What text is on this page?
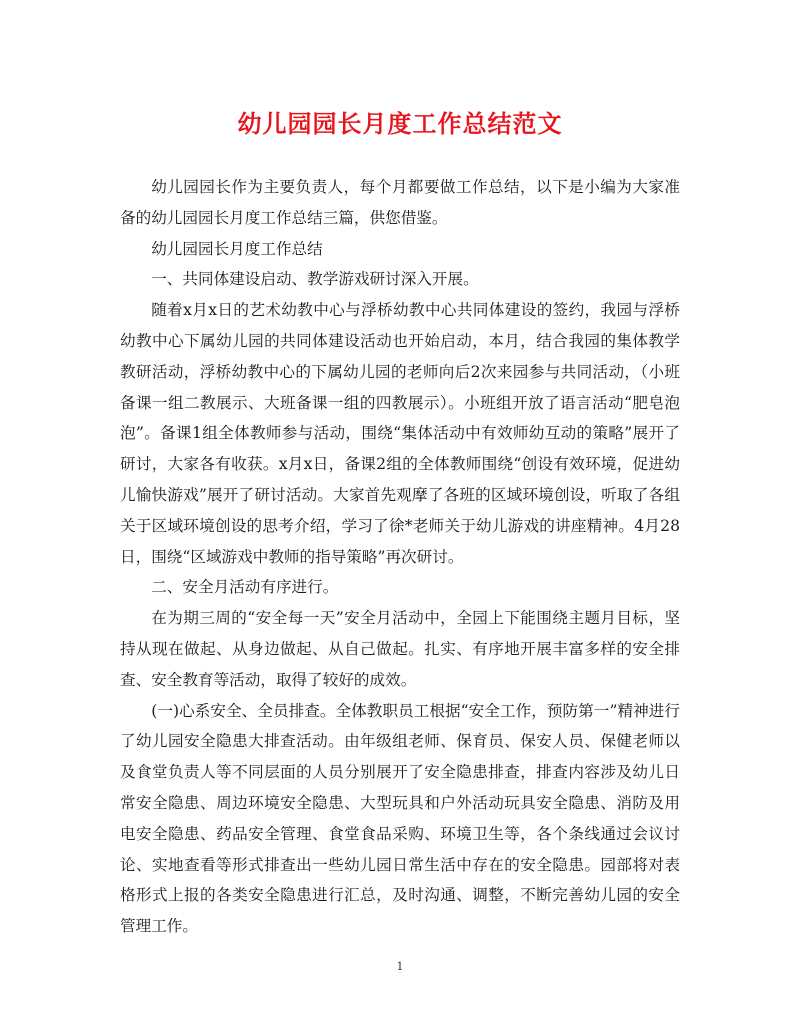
幼儿园园长月度工作总结范文

幼儿园园长作为主要负责人，每个月都要做工作总结，以下是小编为大家准备的幼儿园园长月度工作总结三篇，供您借鉴。

幼儿园园长月度工作总结

一、共同体建设启动、教学游戏研讨深入开展。

随着x月x日的艺术幼教中心与浮桥幼教中心共同体建设的签约，我园与浮桥幼教中心下属幼儿园的共同体建设活动也开始启动，本月，结合我园的集体教学教研活动，浮桥幼教中心的下属幼儿园的老师向后2次来园参与共同活动，（小班备课一组二教展示、大班备课一组的四教展示）。小班组开放了语言活动“肥皂泡泡”。备课1组全体教师参与活动，围绕“集体活动中有效师幼互动的策略”展开了研讨，大家各有收获。x月x日，备课2组的全体教师围绕“创设有效环境，促进幼儿愉快游戏”展开了研讨活动。大家首先观摩了各班的区域环境创设，听取了各组关于区域环境创设的思考介绍，学习了徐*老师关于幼儿游戏的讲座精神。4月28日，围绕“区域游戏中教师的指导策略”再次研讨。

二、安全月活动有序进行。

在为期三周的“安全每一天”安全月活动中，全园上下能围绕主题月目标，坚持从现在做起、从身边做起、从自己做起。扎实、有序地开展丰富多样的安全排查、安全教育等活动，取得了较好的成效。

(一)心系安全、全员排查。全体教职员工根据“安全工作，预防第一”精神进行了幼儿园安全隐患大排查活动。由年级组老师、保育员、保安人员、保健老师以及食堂负责人等不同层面的人员分别展开了安全隐患排查，排查内容涉及幼儿日常安全隐患、周边环境安全隐患、大型玩具和户外活动玩具安全隐患、消防及用电安全隐患、药品安全管理、食堂食品采购、环境卫生等，各个条线通过会议讨论、实地查看等形式排查出一些幼儿园日常生活中存在的安全隐患。园部将对表格形式上报的各类安全隐患进行汇总，及时沟通、调整，不断完善幼儿园的安全管理工作。

1
